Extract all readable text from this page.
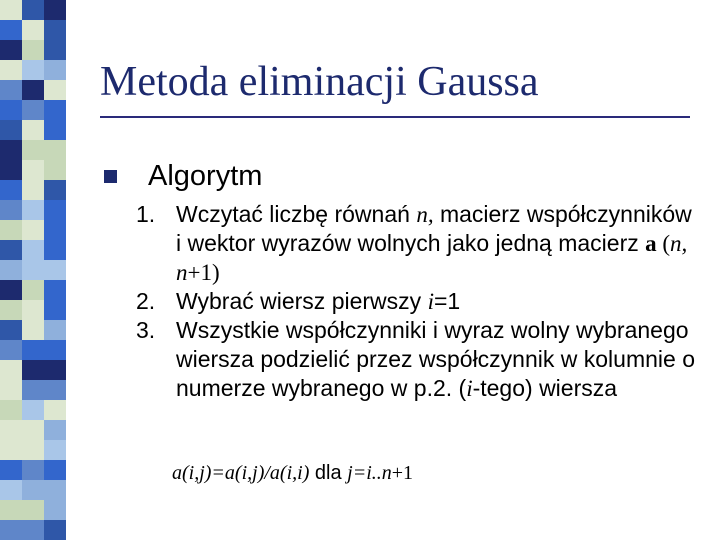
Metoda eliminacji Gaussa
Algorytm
1. Wczytać liczbę równań n, macierz współczynników i wektor wyrazów wolnych jako jedną macierz a (n, n+1)
2. Wybrać wiersz pierwszy i=1
3. Wszystkie współczynniki i wyraz wolny wybranego wiersza podzielić przez współczynnik w kolumnie o numerze wybranego w p.2. (i-tego) wiersza
a(i,j)=a(i,j)/a(i,i) dla j=i..n+1
